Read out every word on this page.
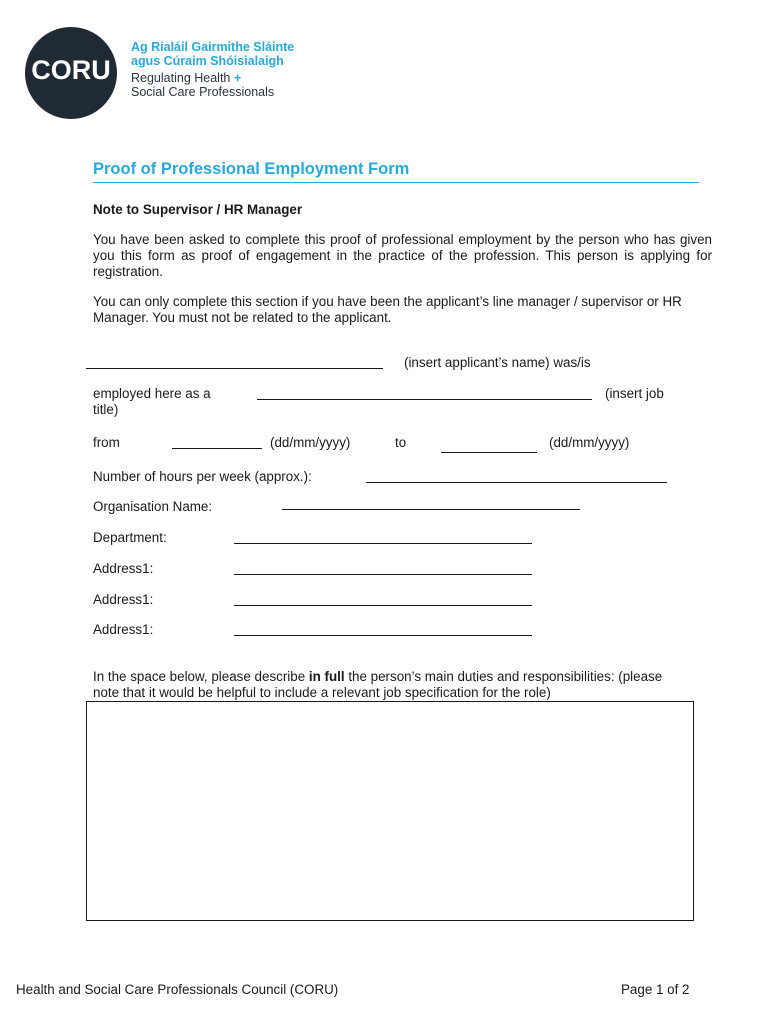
CORU
Ag Rialáil Gairmithe Sláinte
agus Cúraim Shóisialaigh
Regulating Health +
Social Care Professionals
Proof of Professional Employment Form
Note to Supervisor / HR Manager
You have been asked to complete this proof of professional employment by the person who has given you this form as proof of engagement in the practice of the profession. This person is applying for registration.
You can only complete this section if you have been the applicant’s line manager / supervisor or HR Manager. You must not be related to the applicant.
(insert applicant’s name) was/is
employed here as a	(insert job
title)
from	(dd/mm/yyyy)	to	(dd/mm/yyyy)
Number of hours per week (approx.):
Organisation Name:
Department:
Address1:
Address1:
Address1:
In the space below, please describe in full the person’s main duties and responsibilities: (please
note that it would be helpful to include a relevant job specification for the role)
Health and Social Care Professionals Council (CORU)	Page 1 of 2
